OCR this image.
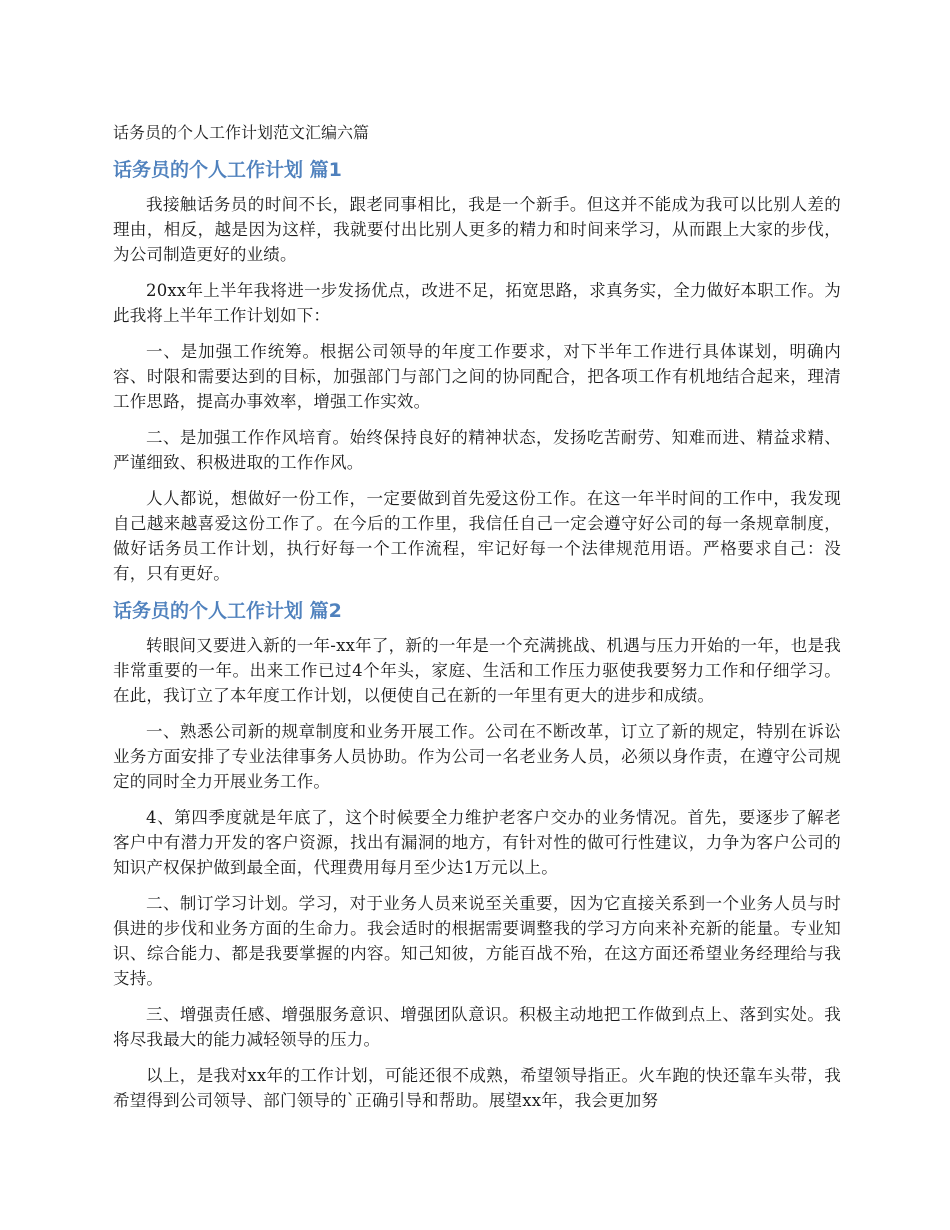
话务员的个人工作计划范文汇编六篇
话务员的个人工作计划 篇1

我接触话务员的时间不长，跟老同事相比，我是一个新手。但这并不能成为我可以比别人差的理由，相反，越是因为这样，我就要付出比别人更多的精力和时间来学习，从而跟上大家的步伐，为公司制造更好的业绩。

20xx年上半年我将进一步发扬优点，改进不足，拓宽思路，求真务实，全力做好本职工作。为此我将上半年工作计划如下：

一、是加强工作统筹。根据公司领导的年度工作要求，对下半年工作进行具体谋划，明确内容、时限和需要达到的目标，加强部门与部门之间的协同配合，把各项工作有机地结合起来，理清工作思路，提高办事效率，增强工作实效。

二、是加强工作作风培育。始终保持良好的精神状态，发扬吃苦耐劳、知难而进、精益求精、严谨细致、积极进取的工作作风。

人人都说，想做好一份工作，一定要做到首先爱这份工作。在这一年半时间的工作中，我发现自己越来越喜爱这份工作了。在今后的工作里，我信任自己一定会遵守好公司的每一条规章制度，做好话务员工作计划，执行好每一个工作流程，牢记好每一个法律规范用语。严格要求自己：没有，只有更好。

话务员的个人工作计划 篇2

转眼间又要进入新的一年-xx年了，新的一年是一个充满挑战、机遇与压力开始的一年，也是我非常重要的一年。出来工作已过4个年头，家庭、生活和工作压力驱使我要努力工作和仔细学习。在此，我订立了本年度工作计划，以便使自己在新的一年里有更大的进步和成绩。

一、熟悉公司新的规章制度和业务开展工作。公司在不断改革，订立了新的规定，特别在诉讼业务方面安排了专业法律事务人员协助。作为公司一名老业务人员，必须以身作责，在遵守公司规定的同时全力开展业务工作。

4、第四季度就是年底了，这个时候要全力维护老客户交办的业务情况。首先，要逐步了解老客户中有潜力开发的客户资源，找出有漏洞的地方，有针对性的做可行性建议，力争为客户公司的知识产权保护做到最全面，代理费用每月至少达1万元以上。

二、制订学习计划。学习，对于业务人员来说至关重要，因为它直接关系到一个业务人员与时俱进的步伐和业务方面的生命力。我会适时的根据需要调整我的学习方向来补充新的能量。专业知识、综合能力、都是我要掌握的内容。知己知彼，方能百战不殆，在这方面还希望业务经理给与我支持。

三、增强责任感、增强服务意识、增强团队意识。积极主动地把工作做到点上、落到实处。我将尽我最大的能力减轻领导的压力。

以上，是我对xx年的工作计划，可能还很不成熟，希望领导指正。火车跑的快还靠车头带，我希望得到公司领导、部门领导的`正确引导和帮助。展望xx年，我会更加努
